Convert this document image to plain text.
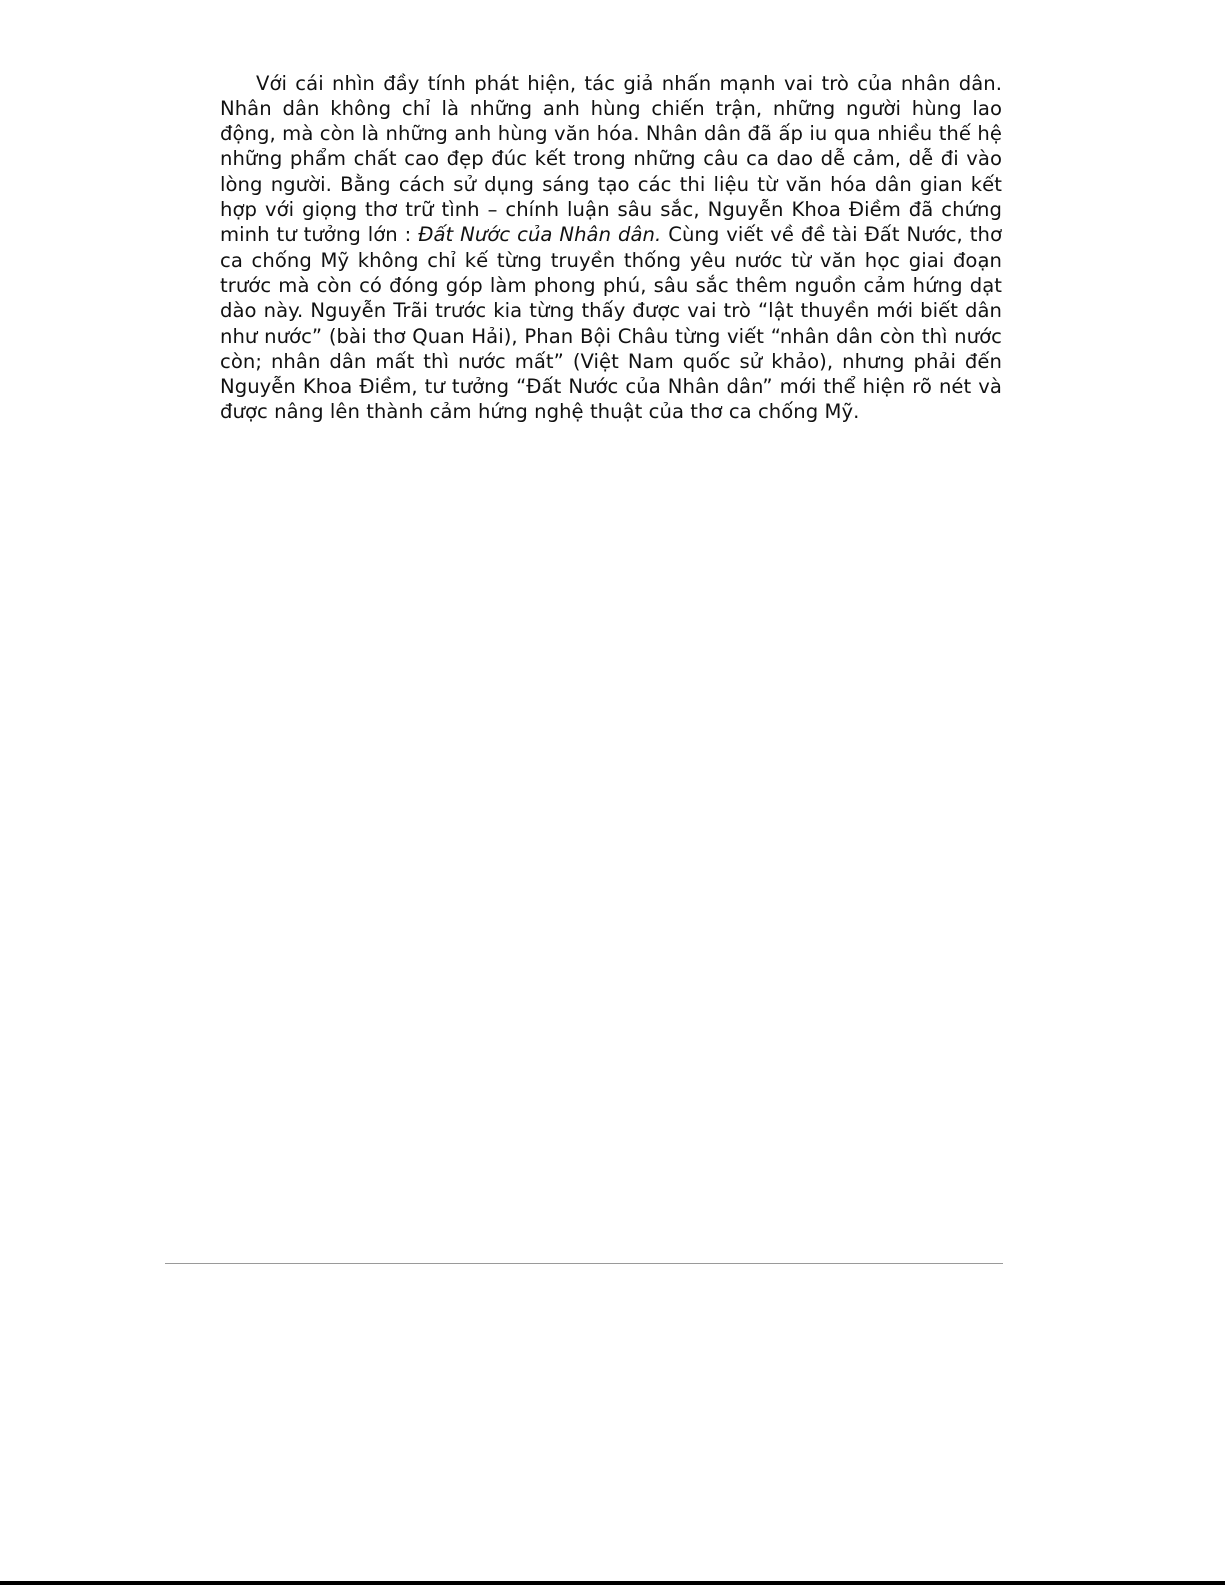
Với cái nhìn đầy tính phát hiện, tác giả nhấn mạnh vai trò của nhân dân. Nhân dân không chỉ là những anh hùng chiến trận, những người hùng lao động, mà còn là những anh hùng văn hóa. Nhân dân đã ấp iu qua nhiều thế hệ những phẩm chất cao đẹp đúc kết trong những câu ca dao dễ cảm, dễ đi vào lòng người. Bằng cách sử dụng sáng tạo các thi liệu từ văn hóa dân gian kết hợp với giọng thơ trữ tình – chính luận sâu sắc, Nguyễn Khoa Điềm đã chứng minh tư tưởng lớn : Đất Nước của Nhân dân. Cùng viết về đề tài Đất Nước, thơ ca chống Mỹ không chỉ kế từng truyền thống yêu nước từ văn học giai đoạn trước mà còn có đóng góp làm phong phú, sâu sắc thêm nguồn cảm hứng dạt dào này. Nguyễn Trãi trước kia từng thấy được vai trò “lật thuyền mới biết dân như nước” (bài thơ Quan Hải), Phan Bội Châu từng viết “nhân dân còn thì nước còn; nhân dân mất thì nước mất” (Việt Nam quốc sử khảo), nhưng phải đến Nguyễn Khoa Điềm, tư tưởng “Đất Nước của Nhân dân” mới thể hiện rõ nét và được nâng lên thành cảm hứng nghệ thuật của thơ ca chống Mỹ.
